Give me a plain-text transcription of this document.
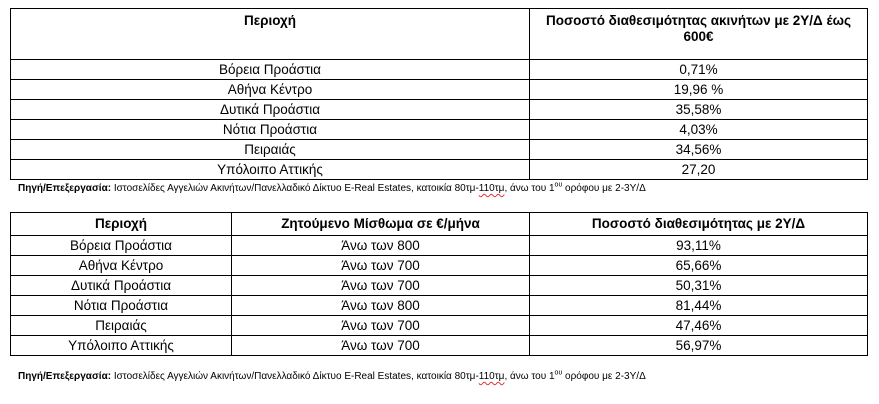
Περιοχή	Ποσοστό διαθεσιμότητας ακινήτων με 2Υ/Δ έως 600€
Βόρεια Προάστια	0,71%
Αθήνα Κέντρο	19,96 %
Δυτικά Προάστια	35,58%
Νότια Προάστια	4,03%
Πειραιάς	34,56%
Υπόλοιπο Αττικής	27,20
Πηγή/Επεξεργασία: Ιστοσελίδες Αγγελιών Ακινήτων/Πανελλαδικό Δίκτυο E-Real Estates, κατοικία 80τμ-110τμ, άνω του $1^{o\upsilon}$ ορόφου με 2-3Υ/Δ
Περιοχή	Ζητούμενο Μίσθωμα σε €/μήνα	Ποσοστό διαθεσιμότητας με 2Υ/Δ
Βόρεια Προάστια	Άνω των 800	93,11%
Αθήνα Κέντρο	Άνω των 700	65,66%
Δυτικά Προάστια	Άνω των 700	50,31%
Νότια Προάστια	Άνω των 800	81,44%
Πειραιάς	Άνω των 700	47,46%
Υπόλοιπο Αττικής	Άνω των 700	56,97%
Πηγή/Επεξεργασία: Ιστοσελίδες Αγγελιών Ακινήτων/Πανελλαδικό Δίκτυο E-Real Estates, κατοικία 80τμ-110τμ, άνω του $1^{o\upsilon}$ ορόφου με 2-3Υ/Δ
